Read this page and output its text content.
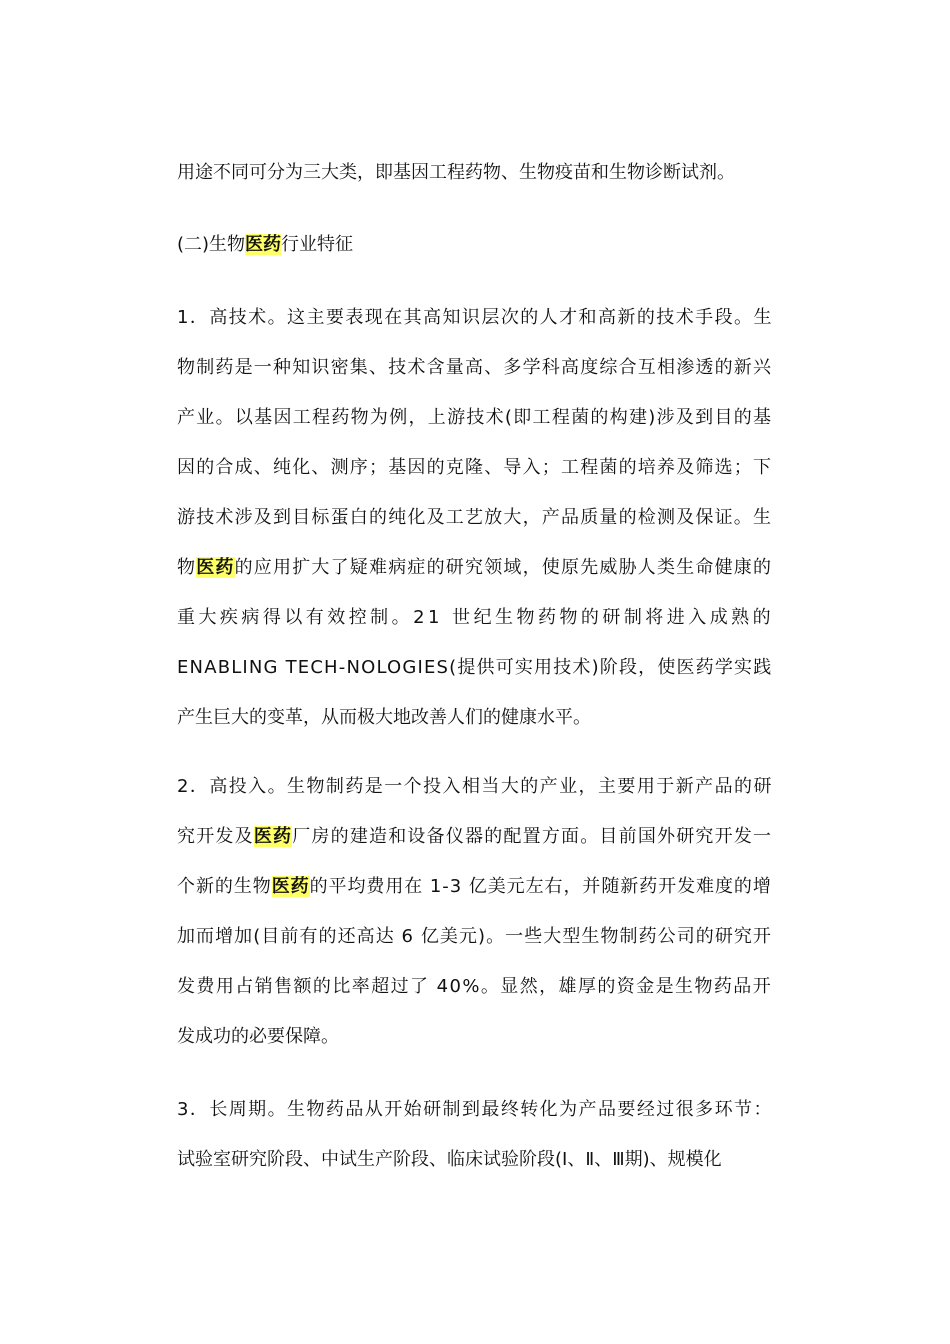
用途不同可分为三大类，即基因工程药物、生物疫苗和生物诊断试剂。
(二)生物医药行业特征
1．高技术。这主要表现在其高知识层次的人才和高新的技术手段。生
物制药是一种知识密集、技术含量高、多学科高度综合互相渗透的新兴
产业。以基因工程药物为例，上游技术(即工程菌的构建)涉及到目的基
因的合成、纯化、测序；基因的克隆、导入；工程菌的培养及筛选；下
游技术涉及到目标蛋白的纯化及工艺放大，产品质量的检测及保证。生
物医药的应用扩大了疑难病症的研究领域，使原先威胁人类生命健康的
重大疾病得以有效控制。21 世纪生物药物的研制将进入成熟的
ENABLING TECH-NOLOGIES(提供可实用技术)阶段，使医药学实践
产生巨大的变革，从而极大地改善人们的健康水平。
2．高投入。生物制药是一个投入相当大的产业，主要用于新产品的研
究开发及医药厂房的建造和设备仪器的配置方面。目前国外研究开发一
个新的生物医药的平均费用在 1-3 亿美元左右，并随新药开发难度的增
加而增加(目前有的还高达 6 亿美元)。一些大型生物制药公司的研究开
发费用占销售额的比率超过了 40%。显然，雄厚的资金是生物药品开
发成功的必要保障。
3．长周期。生物药品从开始研制到最终转化为产品要经过很多环节：
试验室研究阶段、中试生产阶段、临床试验阶段(Ⅰ、Ⅱ、Ⅲ期)、规模化
